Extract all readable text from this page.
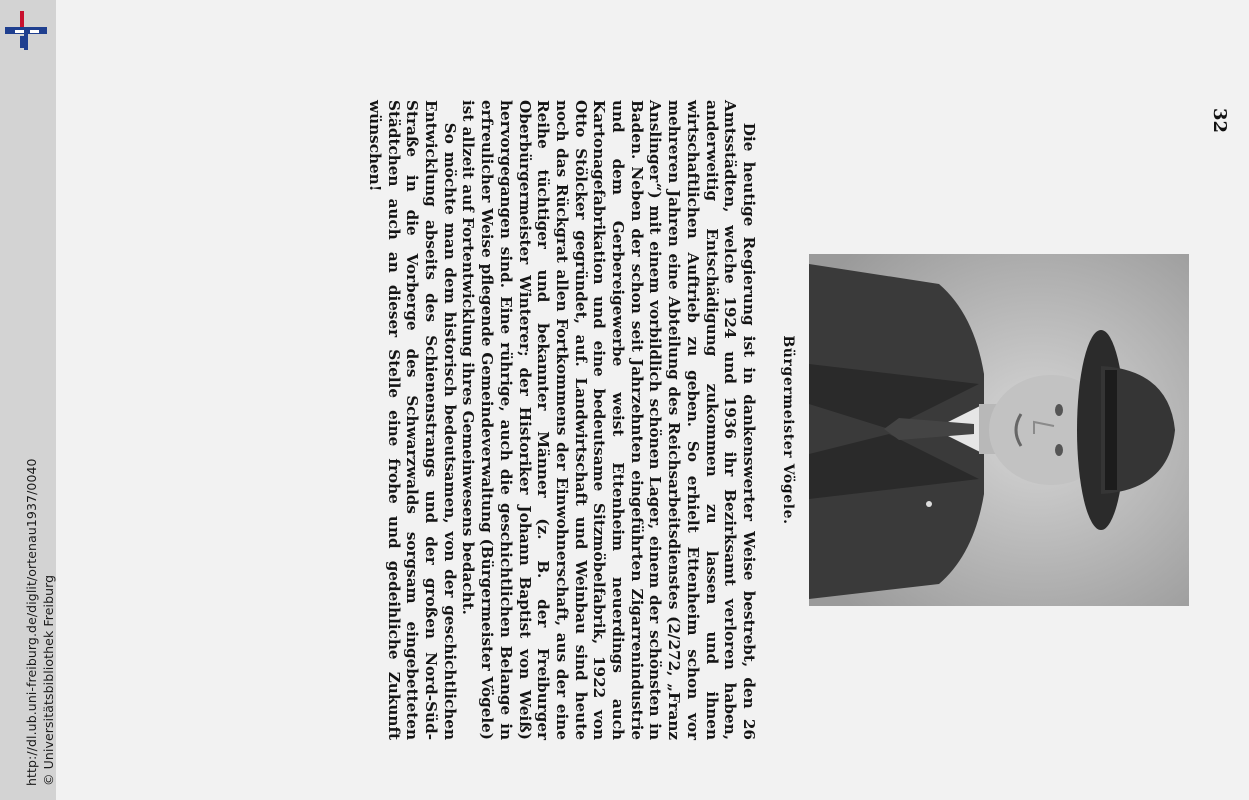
http://dl.ub.uni-freiburg.de/diglit/ortenau1937/0040 © Universitätsbibliothek Freiburg
32
Bürgermeister Vögele.

Die heutige Regierung ist in dankenswerter Weise bestrebt, den 26 Amtsstädten, welche 1924 und 1936 ihr Bezirksamt verloren haben, anderweitig Entschädigung zukommen zu lassen und ihnen wirtschaftlichen Auftrieb zu geben. So erhielt Ettenheim schon vor mehreren Jahren eine Abteilung des Reichsarbeitsdienstes (2/272, „Franz Anslinger“) mit einem vorbildlich schönen Lager, einem der schönsten in Baden. Neben der schon seit Jahrzehnten eingeführten Zigarrenindustrie und dem Gerbereigewerbe weist Ettenheim neuerdings auch Kartonagefabrikation und eine bedeutsame Sitzmöbelfabrik, 1922 von Otto Stölcker gegründet, auf. Landwirtschaft und Weinbau sind heute noch das Rückgrat allen Fortkommens der Einwohnerschaft, aus der eine Reihe tüchtiger und bekannter Männer (z. B. der Freiburger Oberbürgermeister Winterer; der Historiker Johann Baptist von Weiß) hervorgegangen sind. Eine rührige, auch die geschichtlichen Belange in erfreulicher Weise pflegende Gemeindeverwaltung (Bürgermeister Vögele) ist allzeit auf Fortentwicklung ihres Gemeinwesens bedacht.

So möchte man dem historisch bedeutsamen, von der geschichtlichen Entwicklung abseits des Schienenstrangs und der großen Nord-Süd-Straße in die Vorberge des Schwarzwalds sorgsam eingebetteten Städtchen auch an dieser Stelle eine frohe und gedeihliche Zukunft wünschen!
